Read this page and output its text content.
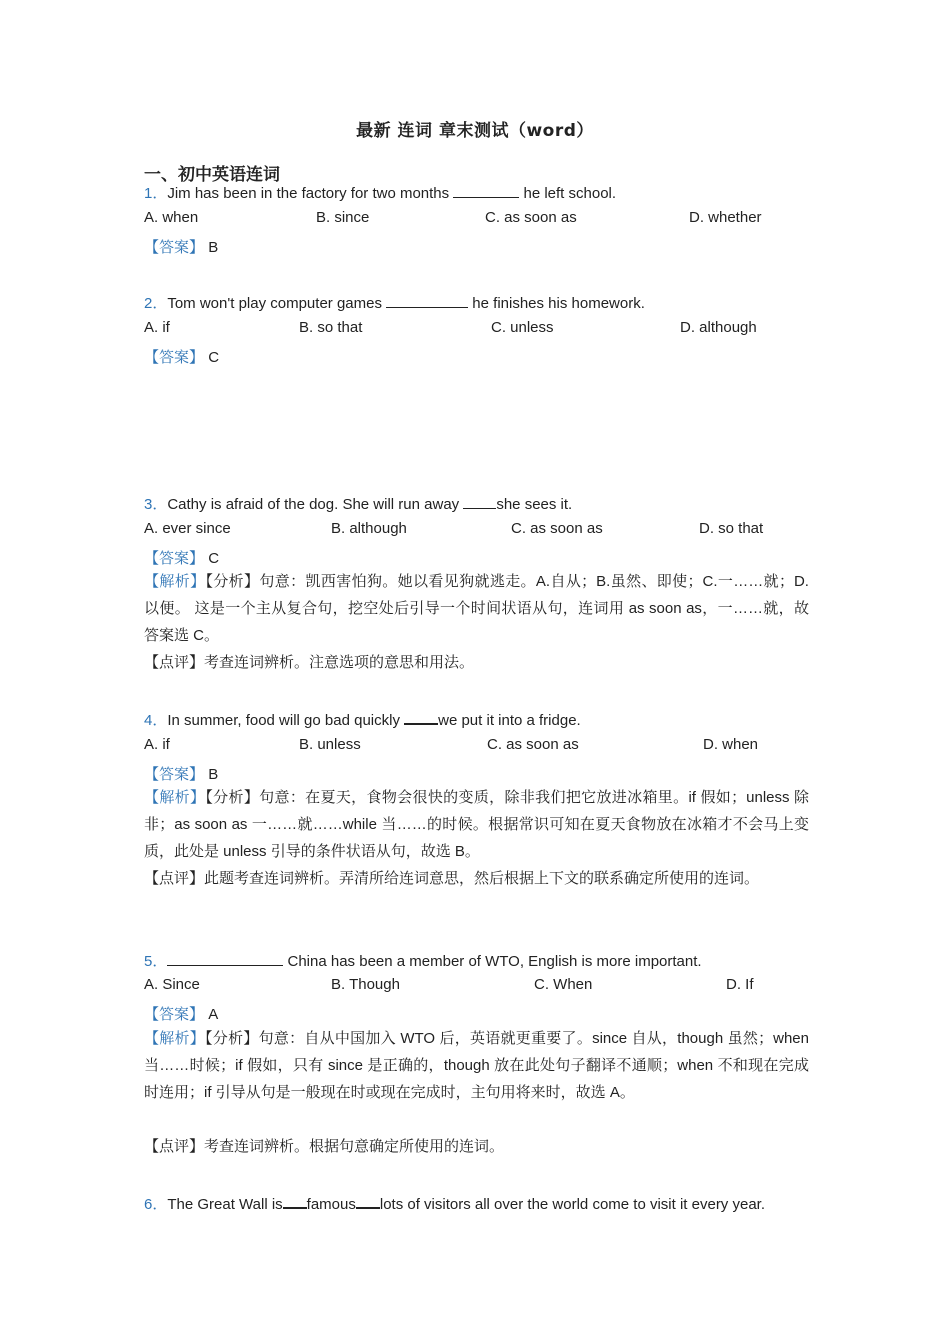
最新 连词 章末测试（word）
一、初中英语连词
1．Jim has been in the factory for two months	he left school.
A. when	B. since	C. as soon as	D. whether
【答案】 B
2．Tom won't play computer games	he finishes his homework.
A. if	B. so that	C. unless	D. although
【答案】 C
3．Cathy is afraid of the dog. She will run away she sees it.
A. ever since	B. although	C. as soon as	D. so that
【答案】 C
【解析】【分析】句意：凯西害怕狗。她以看见狗就逃走。A.自从；B.虽然、即使；C.一……就；D.以便。 这是一个主从复合句，挖空处后引导一个时间状语从句，连词用 as soon as，一……就，故答案选 C。
【点评】考查连词辨析。注意选项的意思和用法。
4．In summer, food will go bad quickly we put it into a fridge.
A. if	B. unless	C. as soon as	D. when
【答案】 B
【解析】【分析】句意：在夏天，食物会很快的变质，除非我们把它放进冰箱里。if 假如；unless 除非；as soon as 一……就……while 当……的时候。根据常识可知在夏天食物放在冰箱才不会马上变质，此处是 unless 引导的条件状语从句，故选 B。
【点评】此题考查连词辨析。弄清所给连词意思，然后根据上下文的联系确定所使用的连词。
5．	China has been a member of WTO, English is more important.
A. Since	B. Though	C. When	D. If
【答案】 A
【解析】【分析】句意：自从中国加入 WTO 后，英语就更重要了。since 自从，though 虽然；when 当……时候；if 假如，只有 since 是正确的，though 放在此处句子翻译不通顺；when 不和现在完成时连用；if 引导从句是一般现在时或现在完成时，主句用将来时，故选 A。
【点评】考查连词辨析。根据句意确定所使用的连词。
6．The Great Wall is famous lots of visitors all over the world come to visit it every year.
